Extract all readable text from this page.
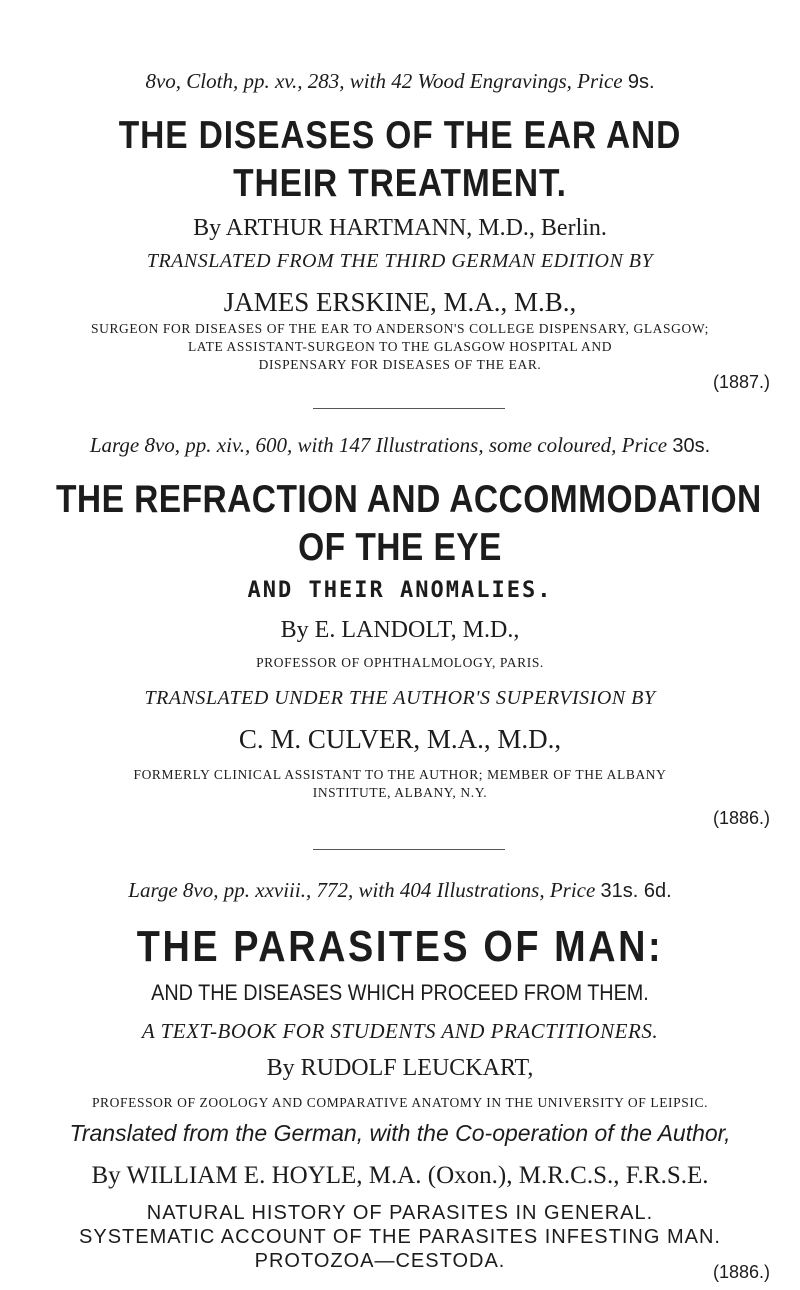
8vo, Cloth, pp. xv., 283, with 42 Wood Engravings, Price 9s.
THE DISEASES OF THE EAR AND
THEIR TREATMENT.
By ARTHUR HARTMANN, M.D., Berlin.
TRANSLATED FROM THE THIRD GERMAN EDITION BY
JAMES ERSKINE, M.A., M.B.,
SURGEON FOR DISEASES OF THE EAR TO ANDERSON'S COLLEGE DISPENSARY, GLASGOW;
LATE ASSISTANT-SURGEON TO THE GLASGOW HOSPITAL AND
DISPENSARY FOR DISEASES OF THE EAR.
(1887.)
Large 8vo, pp. xiv., 600, with 147 Illustrations, some coloured, Price 30s.
THE REFRACTION AND ACCOMMODATION
OF THE EYE
AND THEIR ANOMALIES.
By E. LANDOLT, M.D.,
PROFESSOR OF OPHTHALMOLOGY, PARIS.
TRANSLATED UNDER THE AUTHOR'S SUPERVISION BY
C. M. CULVER, M.A., M.D.,
FORMERLY CLINICAL ASSISTANT TO THE AUTHOR; MEMBER OF THE ALBANY
INSTITUTE, ALBANY, N.Y.
(1886.)
Large 8vo, pp. xxviii., 772, with 404 Illustrations, Price 31s. 6d.
THE PARASITES OF MAN:
AND THE DISEASES WHICH PROCEED FROM THEM.
A TEXT-BOOK FOR STUDENTS AND PRACTITIONERS.
By RUDOLF LEUCKART,
PROFESSOR OF ZOOLOGY AND COMPARATIVE ANATOMY IN THE UNIVERSITY OF LEIPSIC.
Translated from the German, with the Co-operation of the Author,
By WILLIAM E. HOYLE, M.A. (Oxon.), M.R.C.S., F.R.S.E.
NATURAL HISTORY OF PARASITES IN GENERAL.
SYSTEMATIC ACCOUNT OF THE PARASITES INFESTING MAN.
PROTOZOA—CESTODA.	(1886.)
